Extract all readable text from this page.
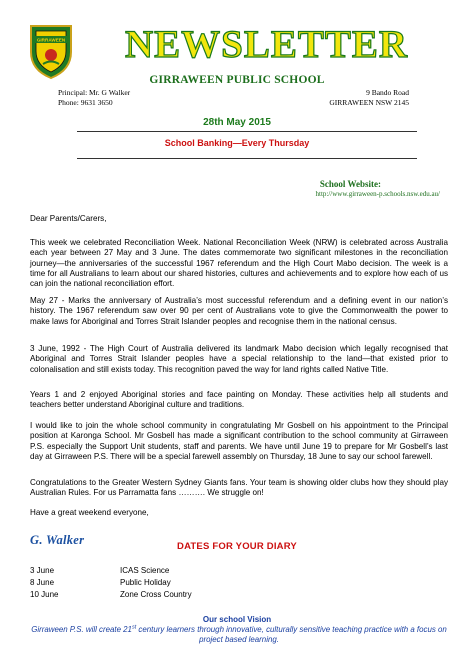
GIRRAWEEN NEWSLETTER
GIRRAWEEN PUBLIC SCHOOL
Principal: Mr. G Walker
Phone: 9631 3650
9 Bando Road
GIRRAWEEN NSW 2145
28th May 2015
School Banking—Every Thursday
School Website:
http://www.girraween-p.schools.nsw.edu.au/
Dear Parents/Carers,
This week we celebrated Reconciliation Week. National Reconciliation Week (NRW) is celebrated across Australia each year between 27 May and 3 June. The dates commemorate two significant milestones in the reconciliation journey—the anniversaries of the successful 1967 referendum and the High Court Mabo decision. The week is a time for all Australians to learn about our shared histories, cultures and achievements and to explore how each of us can join the national reconciliation effort.
May 27 - Marks the anniversary of Australia’s most successful referendum and a defining event in our nation’s history. The 1967 referendum saw over 90 per cent of Australians vote to give the Commonwealth the power to make laws for Aboriginal and Torres Strait Islander peoples and recognise them in the national census.
3 June, 1992 - The High Court of Australia delivered its landmark Mabo decision which legally recognised that Aboriginal and Torres Strait Islander peoples have a special relationship to the land—that existed prior to colonalisation and still exists today. This recognition paved the way for land rights called Native Title.
Years 1 and 2 enjoyed Aboriginal stories and face painting on Monday. These activities help all students and teachers better understand Aboriginal culture and traditions.
I would like to join the whole school community in congratulating Mr Gosbell on his appointment to the Principal position at Karonga School. Mr Gosbell has made a significant contribution to the school community at Girraween P.S. especially the Support Unit students, staff and parents. We have until June 19 to prepare for Mr Gosbell’s last day at Girraween P.S. There will be a special farewell assembly on Thursday, 18 June to say our school farewell.
Congratulations to the Greater Western Sydney Giants fans. Your team is showing older clubs how they should play Australian Rules. For us Parramatta fans ………. We struggle on!
Have a great weekend everyone,
G. Walker	DATES FOR YOUR DIARY
3 June	ICAS Science
8 June	Public Holiday
10 June	Zone Cross Country
Our school Vision
Girraween P.S. will create 21st century learners through innovative, culturally sensitive teaching practice with a focus on project based learning.
